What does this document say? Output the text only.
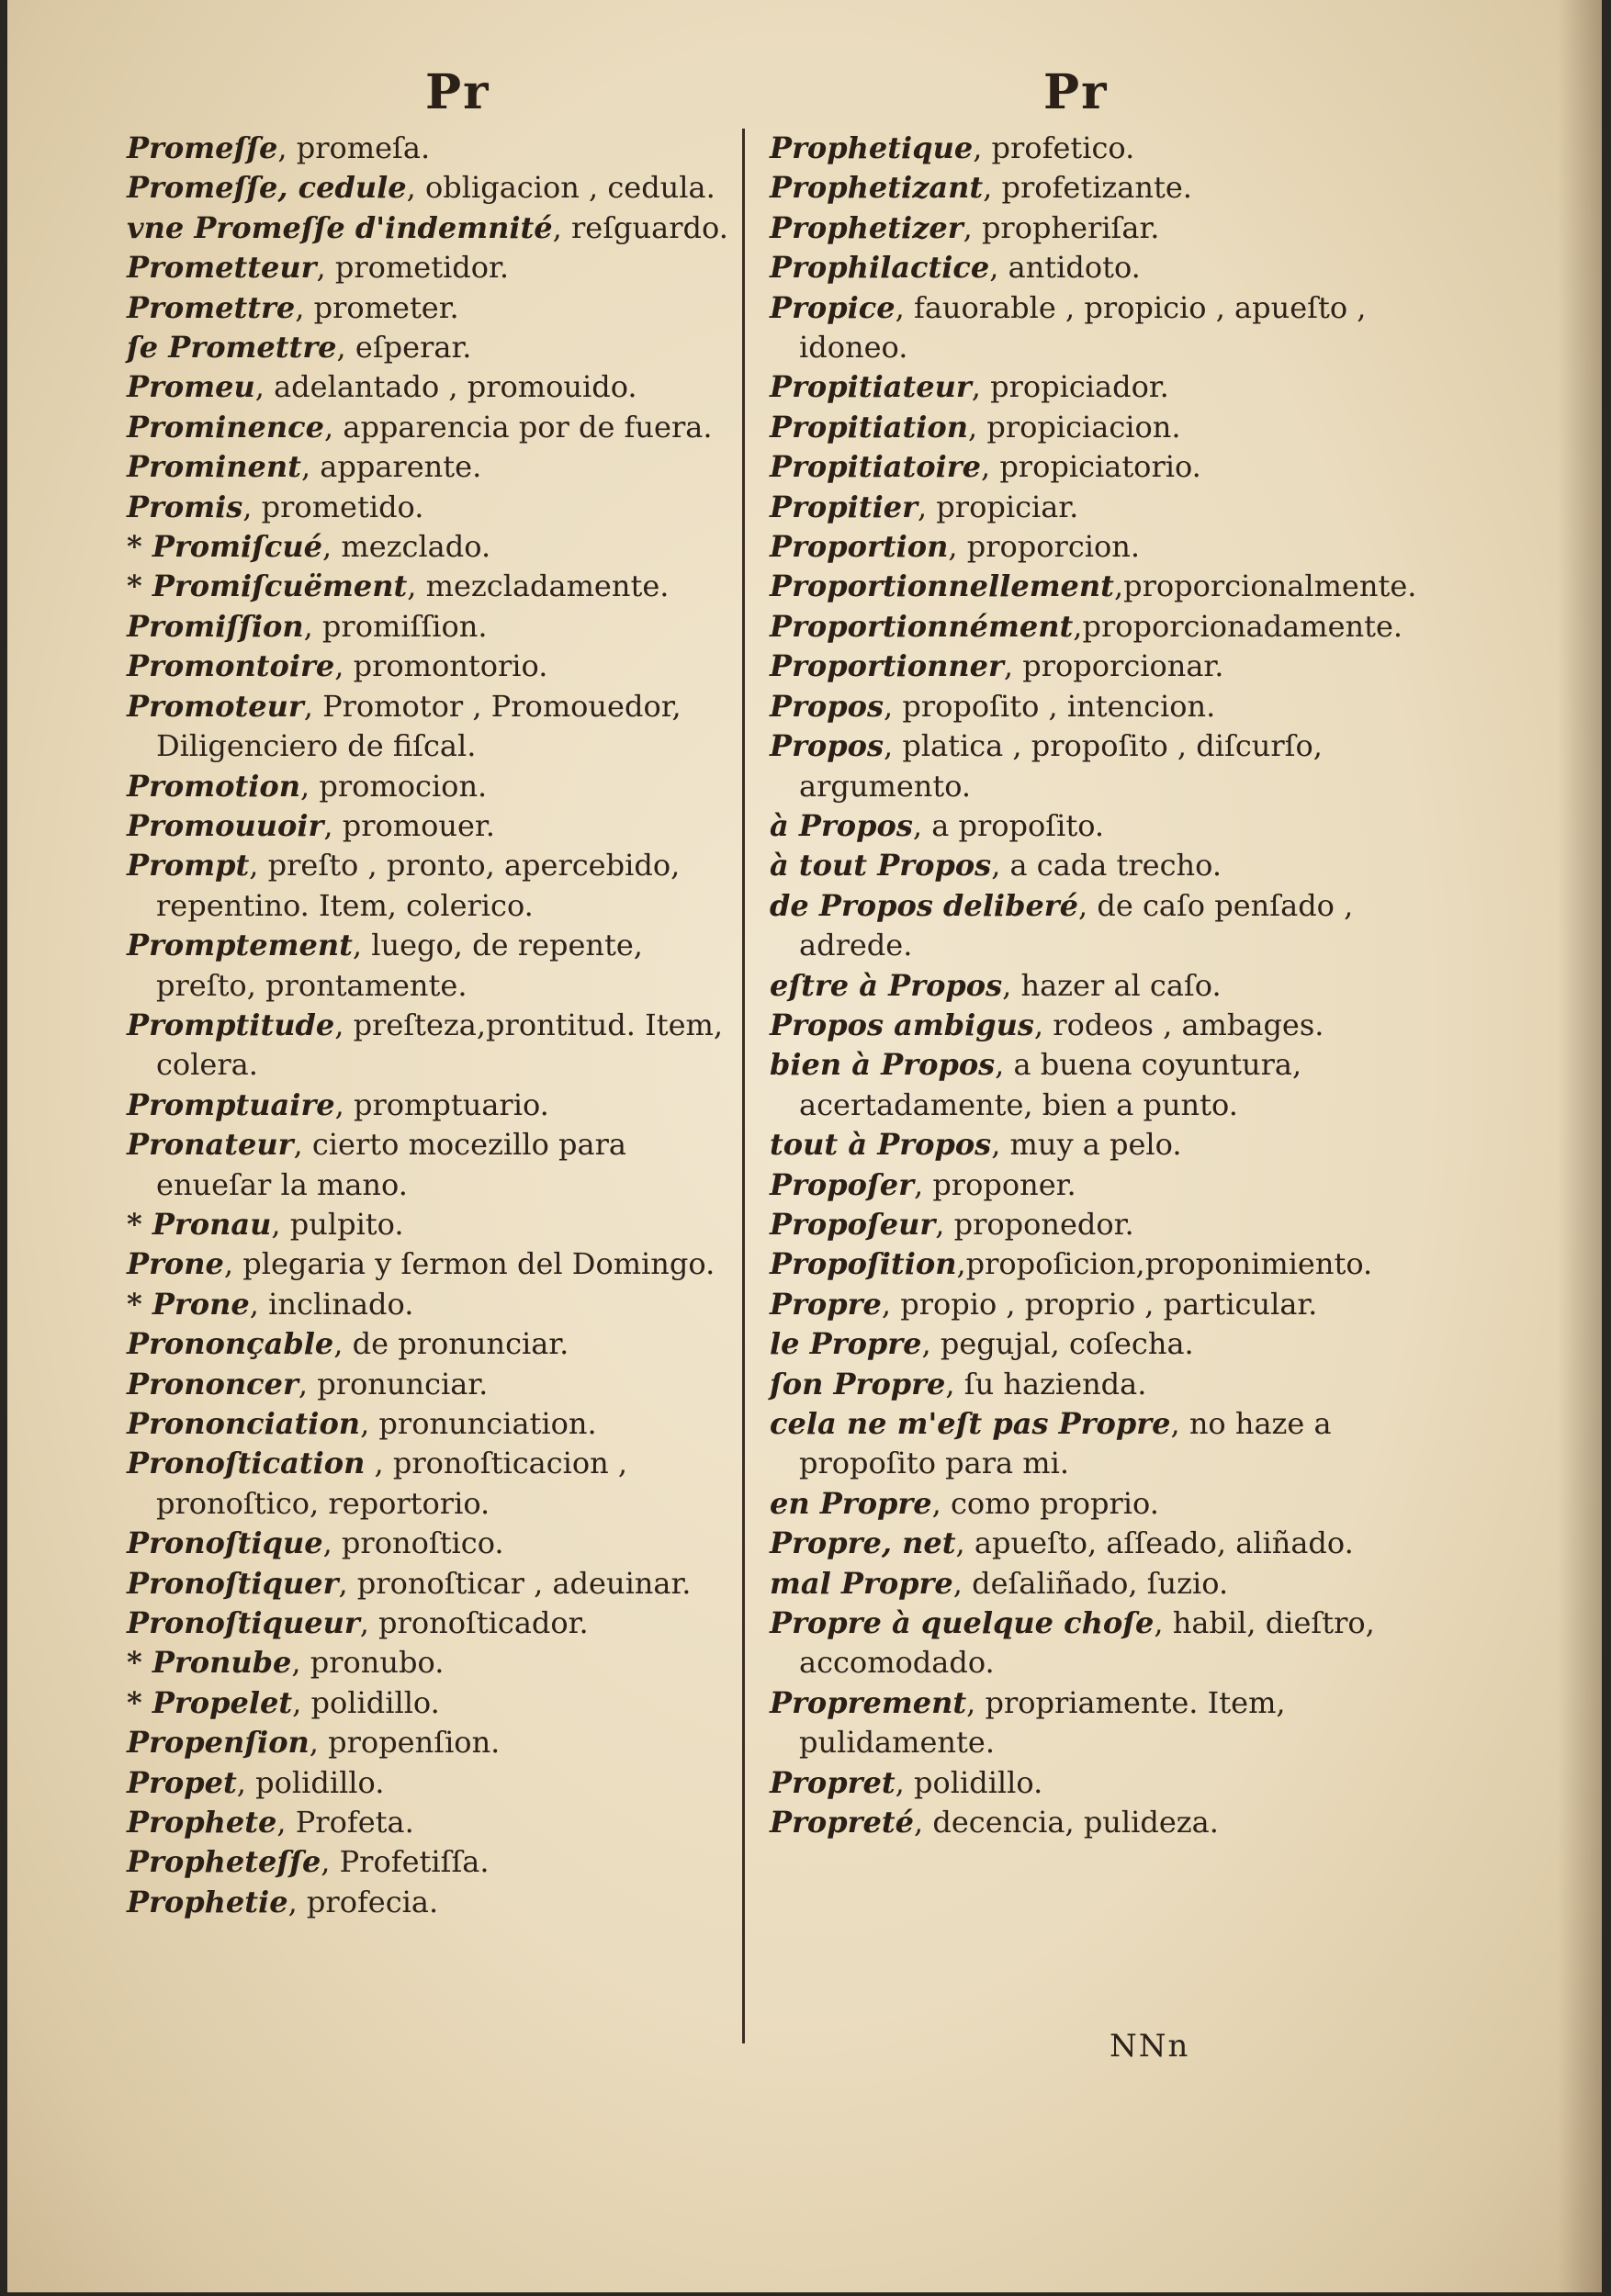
Pr	Pr
Promeſſe, promeſa.
Promeſſe, cedule, obligacion , cedula.
vne Promeſſe d'indemnité, reſguardo.
Prometteur, prometidor.
Promettre, prometer.
ſe Promettre, eſperar.
Promeu, adelantado , promouido.
Prominence, apparencia por de fuera.
Prominent, apparente.
Promis, prometido.
* Promiſcué, mezclado.
* Promiſcuëment, mezcladamente.
Promiſſion, promiſſion.
Promontoire, promontorio.
Promoteur, Promotor , Promouedor, Diligenciero de fiſcal.
Promotion, promocion.
Promouuoir, promouer.
Prompt, preſto , pronto, apercebido, repentino. Item, colerico.
Promptement, luego, de repente, preſto, prontamente.
Promptitude, preſteza,prontitud. Item, colera.
Promptuaire, promptuario.
Pronateur, cierto mocezillo para enueſar la mano.
* Pronau, pulpito.
Prone, plegaria y ſermon del Domingo.
* Prone, inclinado.
Prononçable, de pronunciar.
Prononcer, pronunciar.
Prononciation, pronunciation.
Pronoſtication , pronoſticacion , pronoſtico, reportorio.
Pronoſtique, pronoſtico.
Pronoſtiquer, pronoſticar , adeuinar.
Pronoſtiqueur, pronoſticador.
* Pronube, pronubo.
* Propelet, polidillo.
Propenſion, propenſion.
Propet, polidillo.
Prophete, Profeta.
Propheteſſe, Profetiſſa.
Prophetie, profecia.
Prophetique, profetico.
Prophetizant, profetizante.
Prophetizer, propheriſar.
Prophilactice, antidoto.
Propice, fauorable , propicio , apueſto , idoneo.
Propitiateur, propiciador.
Propitiation, propiciacion.
Propitiatoire, propiciatorio.
Propitier, propiciar.
Proportion, proporcion.
Proportionnellement,proporcionalmente.
Proportionnément,proporcionadamente.
Proportionner, proporcionar.
Propos, propoſito , intencion.
Propos, platica , propoſito , diſcurſo, argumento.
à Propos, a propoſito.
à tout Propos, a cada trecho.
de Propos deliberé, de caſo penſado , adrede.
eſtre à Propos, hazer al caſo.
Propos ambigus, rodeos , ambages.
bien à Propos, a buena coyuntura, acertadamente, bien a punto.
tout à Propos, muy a pelo.
Propoſer, proponer.
Propoſeur, proponedor.
Propoſition,propoſicion,proponimiento.
Propre, propio , proprio , particular.
le Propre, pegujal, coſecha.
ſon Propre, ſu hazienda.
cela ne m'eſt pas Propre, no haze a propoſito para mi.
en Propre, como proprio.
Propre, net, apueſto, aſſeado, aliñado.
mal Propre, deſaliñado, ſuzio.
Propre à quelque choſe, habil, dieſtro, accomodado.
Proprement, propriamente. Item, pulidamente.
Propret, polidillo.
Propreté, decencia, pulideza.
NNn
